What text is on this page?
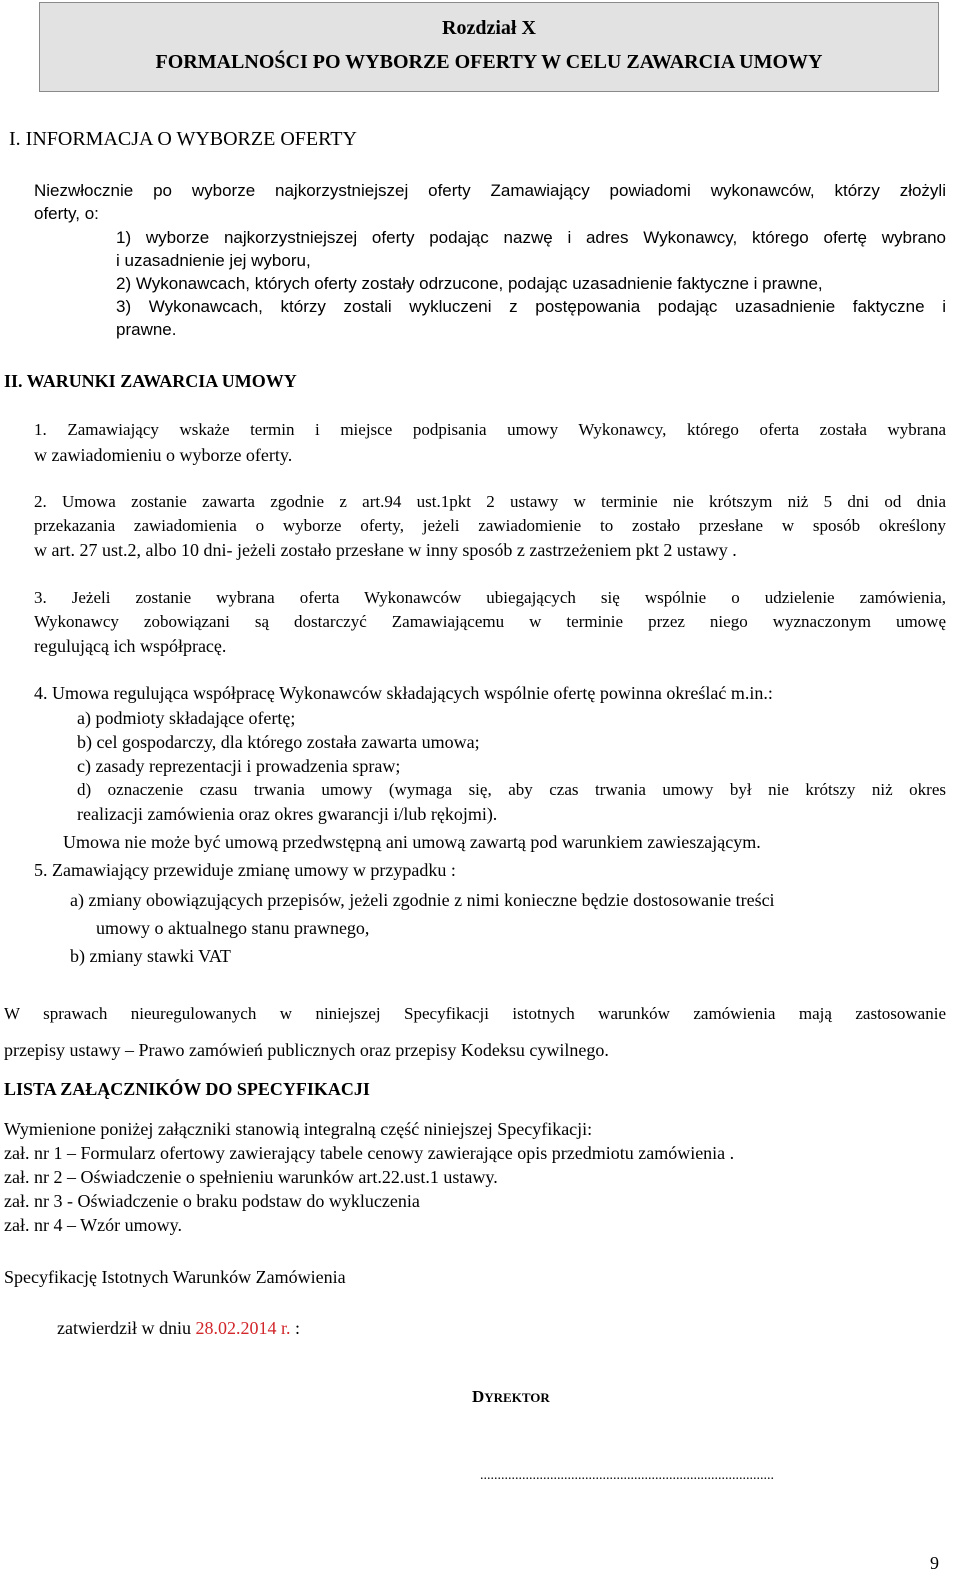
Rozdział X
FORMALNOŚCI PO WYBORZE OFERTY W CELU ZAWARCIA UMOWY
I. INFORMACJA O WYBORZE OFERTY
Niezwłocznie po wyborze najkorzystniejszej oferty Zamawiający powiadomi wykonawców, którzy złożyli
oferty, o:
1) wyborze najkorzystniejszej oferty podając nazwę i adres Wykonawcy, którego ofertę wybrano
i uzasadnienie jej wyboru,
2) Wykonawcach, których oferty zostały odrzucone, podając uzasadnienie faktyczne i prawne,
3) Wykonawcach, którzy zostali wykluczeni z postępowania podając uzasadnienie faktyczne i
prawne.
II. WARUNKI ZAWARCIA UMOWY
1. Zamawiający wskaże termin i miejsce podpisania umowy Wykonawcy, którego oferta została wybrana
w zawiadomieniu o wyborze oferty.
2. Umowa zostanie zawarta zgodnie z art.94 ust.1pkt 2 ustawy w terminie nie krótszym niż 5 dni od dnia
przekazania zawiadomienia o wyborze oferty, jeżeli zawiadomienie to zostało przesłane w sposób określony
w art. 27 ust.2, albo 10 dni- jeżeli zostało przesłane w inny sposób z zastrzeżeniem pkt 2 ustawy .
3. Jeżeli zostanie wybrana oferta Wykonawców ubiegających się wspólnie o udzielenie zamówienia,
Wykonawcy zobowiązani są dostarczyć Zamawiającemu w terminie przez niego wyznaczonym umowę
regulującą ich współpracę.
4. Umowa regulująca współpracę Wykonawców składających wspólnie ofertę powinna określać m.in.:
a) podmioty składające ofertę;
b) cel gospodarczy, dla którego została zawarta umowa;
c) zasady reprezentacji i prowadzenia spraw;
d) oznaczenie czasu trwania umowy (wymaga się, aby czas trwania umowy był nie krótszy niż okres
realizacji zamówienia oraz okres gwarancji i/lub rękojmi).
Umowa nie może być umową przedwstępną ani umową zawartą pod warunkiem zawieszającym.
5. Zamawiający przewiduje zmianę umowy w przypadku :
a) zmiany obowiązujących przepisów, jeżeli zgodnie z nimi konieczne będzie dostosowanie treści
umowy o aktualnego stanu prawnego,
b) zmiany stawki VAT
W sprawach nieuregulowanych w niniejszej Specyfikacji istotnych warunków zamówienia mają zastosowanie
przepisy ustawy – Prawo zamówień publicznych oraz przepisy Kodeksu cywilnego.
LISTA ZAŁĄCZNIKÓW DO SPECYFIKACJI
Wymienione poniżej załączniki stanowią integralną część niniejszej Specyfikacji:
zał. nr 1 – Formularz ofertowy zawierający tabele cenowy zawierające opis przedmiotu zamówienia .
zał. nr 2 – Oświadczenie o spełnieniu warunków art.22.ust.1 ustawy.
zał. nr 3 - Oświadczenie o braku podstaw do wykluczenia
zał. nr 4 – Wzór umowy.
Specyfikację Istotnych Warunków Zamówienia
zatwierdził w dniu 28.02.2014 r. :
DYREKTOR
....................................................................................
9
